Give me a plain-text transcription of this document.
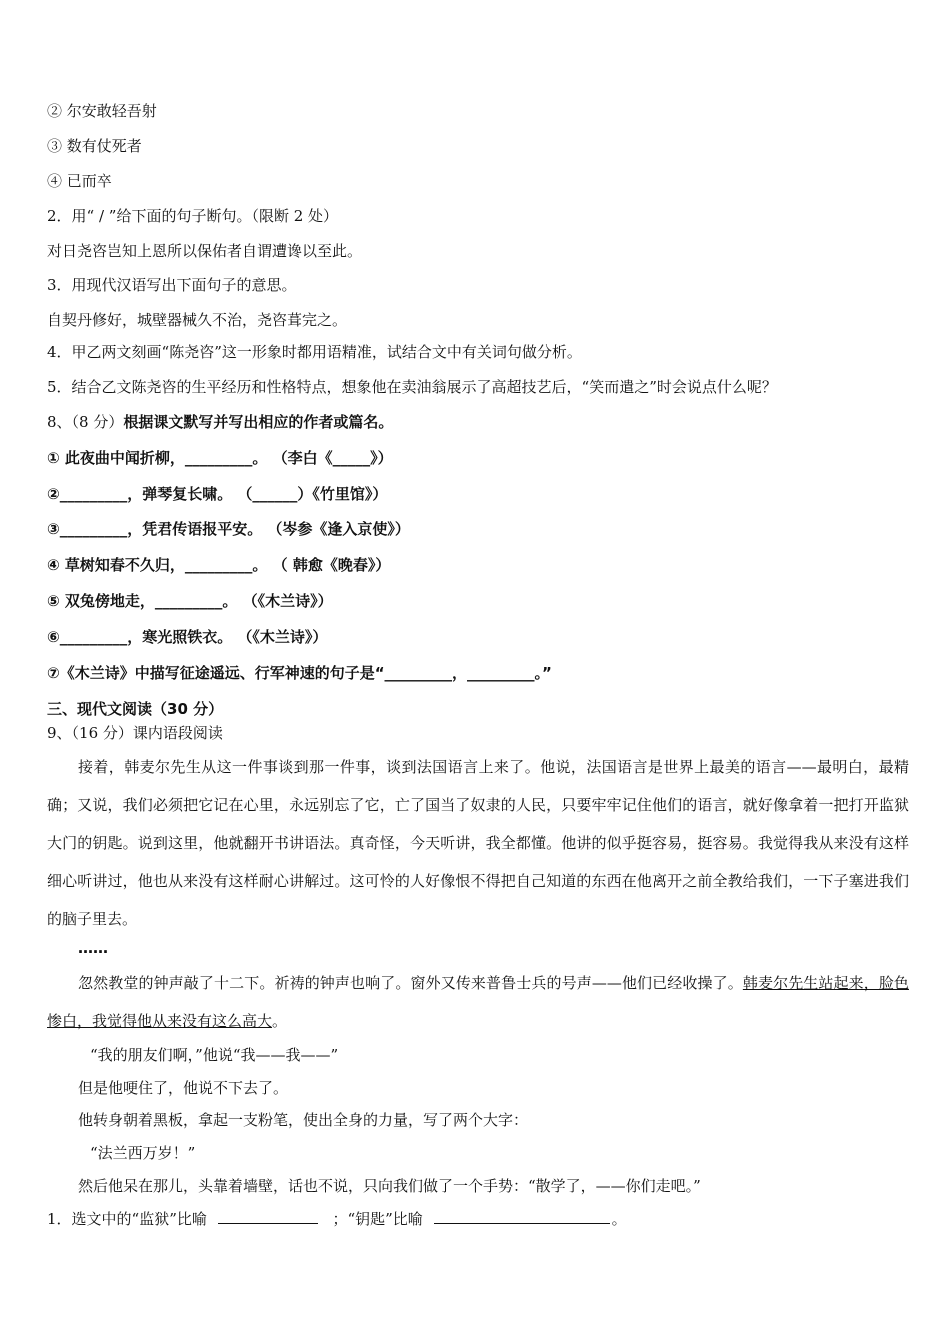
② 尔安敢轻吾射
③ 数有仗死者
④ 已而卒
2．用“ / ”给下面的句子断句。（限断 2 处）
对日尧咨岂知上恩所以保佑者自谓遭谗以至此。
3．用现代汉语写出下面句子的意思。
自契丹修好，城壁器械久不治，尧咨葺完之。
4．甲乙两文刻画“陈尧咨”这一形象时都用语精准，试结合文中有关词句做分析。
5．结合乙文陈尧咨的生平经历和性格特点，想象他在卖油翁展示了高超技艺后，“笑而遣之”时会说点什么呢？
8、（8 分）根据课文默写并写出相应的作者或篇名。
① 此夜曲中闻折柳，_________。 （李白《_____》）
②_________，弹琴复长啸。 （______）《竹里馆》）
③_________，凭君传语报平安。 （岑参《逢入京使》）
④ 草树知春不久归，_________。 （ 韩愈《晚春》）
⑤ 双兔傍地走，_________。 （《木兰诗》）
⑥_________，寒光照铁衣。 （《木兰诗》）
⑦《木兰诗》中描写征途遥远、行军神速的句子是“_________，_________。”
三、现代文阅读（30 分）
9、（16 分）课内语段阅读
接着，韩麦尔先生从这一件事谈到那一件事，谈到法国语言上来了。他说，法国语言是世界上最美的语言——最明白，最精确；又说，我们必须把它记在心里，永远别忘了它，亡了国当了奴隶的人民，只要牢牢记住他们的语言，就好像拿着一把打开监狱大门的钥匙。说到这里，他就翻开书讲语法。真奇怪，今天听讲，我全都懂。他讲的似乎挺容易，挺容易。我觉得我从来没有这样细心听讲过，他也从来没有这样耐心讲解过。这可怜的人好像恨不得把自己知道的东西在他离开之前全教给我们，一下子塞进我们的脑子里去。
……
忽然教堂的钟声敲了十二下。祈祷的钟声也响了。窗外又传来普鲁士兵的号声——他们已经收操了。韩麦尔先生站起来，脸色惨白，我觉得他从来没有这么高大。
“我的朋友们啊，”他说“我——我——”
但是他哽住了，他说不下去了。
他转身朝着黑板，拿起一支粉笔，使出全身的力量，写了两个大字：
“法兰西万岁！”
然后他呆在那儿，头靠着墙壁，话也不说，只向我们做了一个手势：“散学了，——你们走吧。”
1．选文中的“监狱”比喻	；“钥匙”比喻	。
